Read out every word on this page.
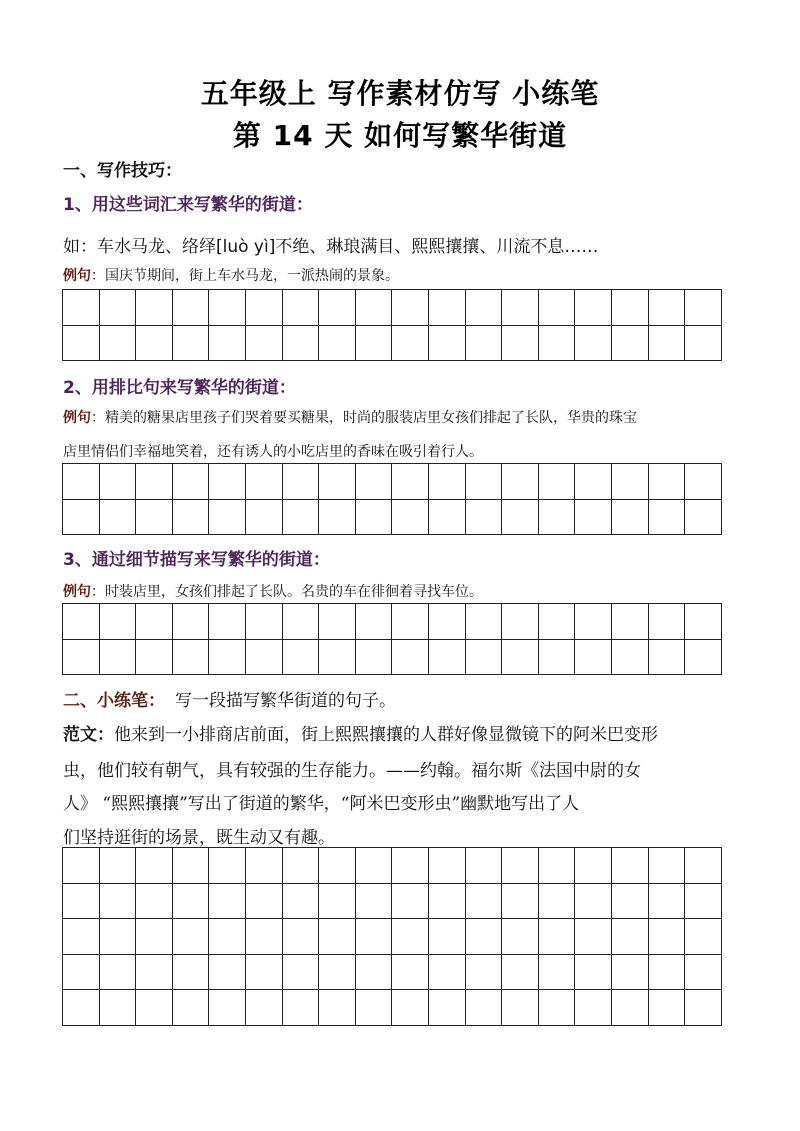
五年级上 写作素材仿写 小练笔
第 14 天 如何写繁华街道
一、写作技巧：
1、用这些词汇来写繁华的街道：
如：车水马龙、络绎[luò yì]不绝、琳琅满目、熙熙攘攘、川流不息……
例句：国庆节期间，街上车水马龙，一派热闹的景象。
2、用排比句来写繁华的街道：
例句：精美的糖果店里孩子们哭着要买糖果，时尚的服装店里女孩们排起了长队，华贵的珠宝
店里情侣们幸福地笑着，还有诱人的小吃店里的香味在吸引着行人。
3、通过细节描写来写繁华的街道：
例句：时装店里，女孩们排起了长队。名贵的车在徘徊着寻找车位。
二、小练笔： 写一段描写繁华街道的句子。
范文：他来到一小排商店前面，街上熙熙攘攘的人群好像显微镜下的阿米巴变形
虫，他们较有朝气，具有较强的生存能力。——约翰。福尔斯《法国中尉的女
人》 “熙熙攘攘”写出了街道的繁华，“阿米巴变形虫”幽默地写出了人
们坚持逛街的场景，既生动又有趣。
